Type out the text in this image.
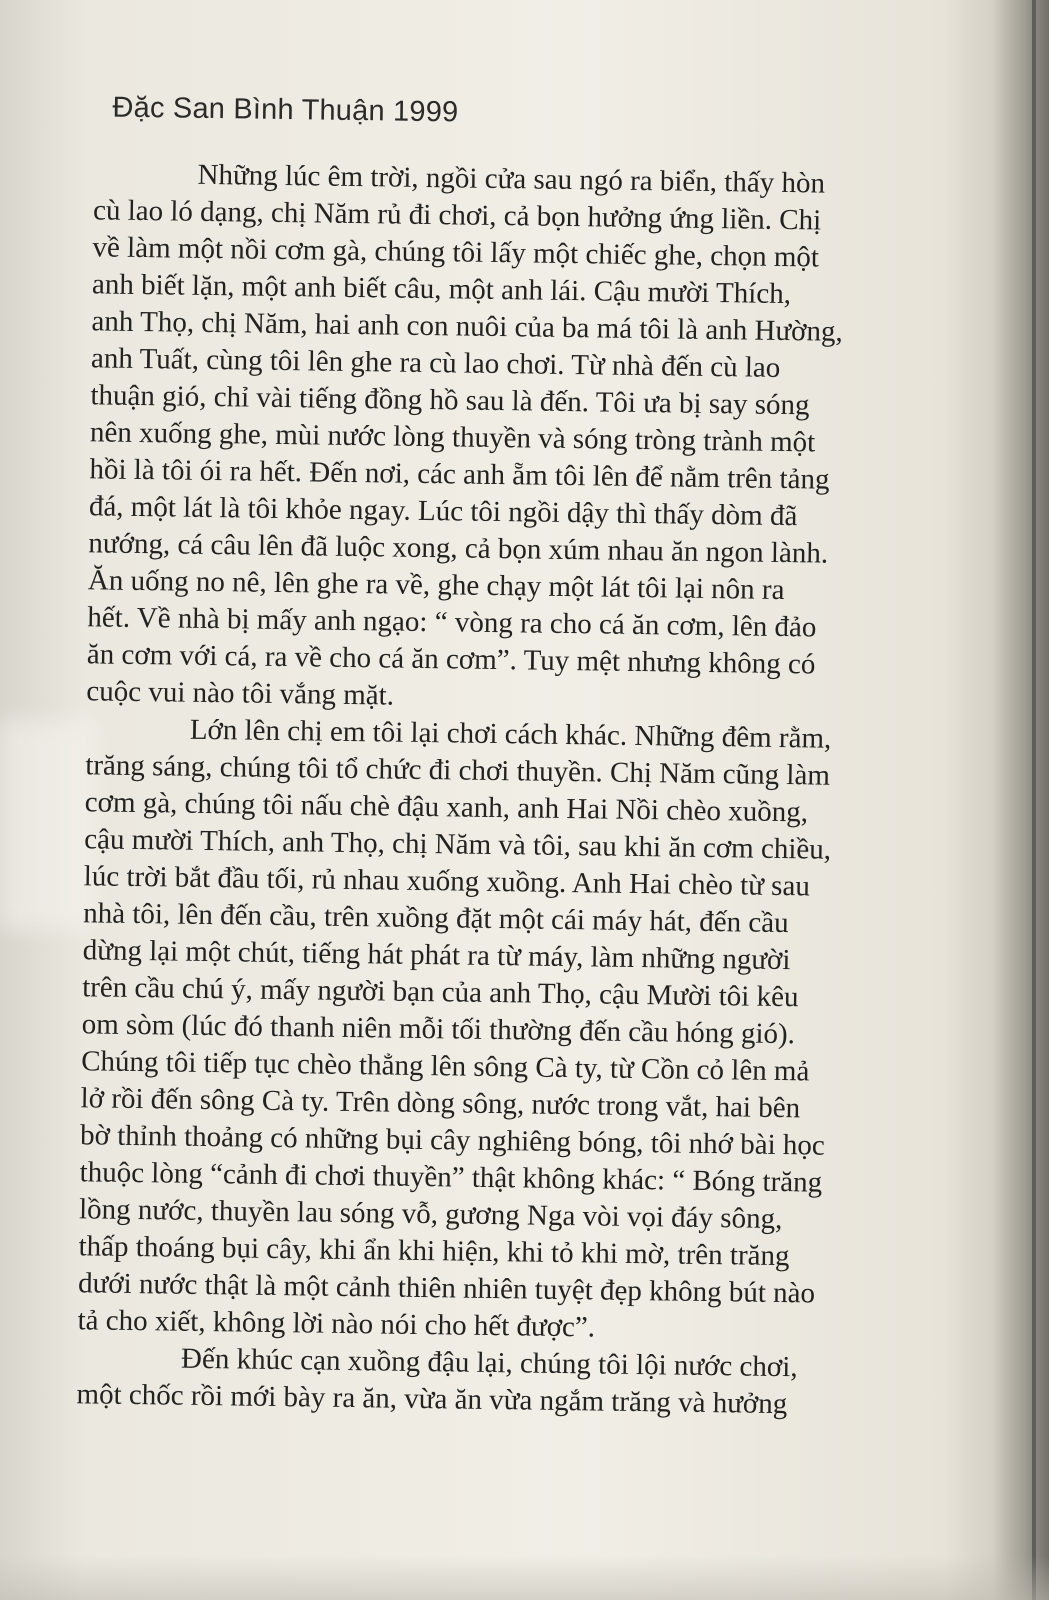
Đặc San Bình Thuận 1999

Những lúc êm trời, ngồi cửa sau ngó ra biển, thấy hòn
cù lao ló dạng, chị Năm rủ đi chơi, cả bọn hưởng ứng liền. Chị
về làm một nồi cơm gà, chúng tôi lấy một chiếc ghe, chọn một
anh biết lặn, một anh biết câu, một anh lái. Cậu mười Thích,
anh Thọ, chị Năm, hai anh con nuôi của ba má tôi là anh Hường,
anh Tuất, cùng tôi lên ghe ra cù lao chơi. Từ nhà đến cù lao
thuận gió, chỉ vài tiếng đồng hồ sau là đến. Tôi ưa bị say sóng
nên xuống ghe, mùi nước lòng thuyền và sóng tròng trành một
hồi là tôi ói ra hết. Đến nơi, các anh ẵm tôi lên để nằm trên tảng
đá, một lát là tôi khỏe ngay. Lúc tôi ngồi dậy thì thấy dòm đã
nướng, cá câu lên đã luộc xong, cả bọn xúm nhau ăn ngon lành.
Ăn uống no nê, lên ghe ra về, ghe chạy một lát tôi lại nôn ra
hết. Về nhà bị mấy anh ngạo: “ vòng ra cho cá ăn cơm, lên đảo
ăn cơm với cá, ra về cho cá ăn cơm”. Tuy mệt nhưng không có
cuộc vui nào tôi vắng mặt.

Lớn lên chị em tôi lại chơi cách khác. Những đêm rằm,
trăng sáng, chúng tôi tổ chức đi chơi thuyền. Chị Năm cũng làm
cơm gà, chúng tôi nấu chè đậu xanh, anh Hai Nồi chèo xuồng,
cậu mười Thích, anh Thọ, chị Năm và tôi, sau khi ăn cơm chiều,
lúc trời bắt đầu tối, rủ nhau xuống xuồng. Anh Hai chèo từ sau
nhà tôi, lên đến cầu, trên xuồng đặt một cái máy hát, đến cầu
dừng lại một chút, tiếng hát phát ra từ máy, làm những người
trên cầu chú ý, mấy người bạn của anh Thọ, cậu Mười tôi kêu
om sòm (lúc đó thanh niên mỗi tối thường đến cầu hóng gió).
Chúng tôi tiếp tục chèo thẳng lên sông Cà ty, từ Cồn cỏ lên mả
lở rồi đến sông Cà ty. Trên dòng sông, nước trong vắt, hai bên
bờ thỉnh thoảng có những bụi cây nghiêng bóng, tôi nhớ bài học
thuộc lòng “cảnh đi chơi thuyền” thật không khác: “ Bóng trăng
lồng nước, thuyền lau sóng vỗ, gương Nga vòi vọi đáy sông,
thấp thoáng bụi cây, khi ẩn khi hiện, khi tỏ khi mờ, trên trăng
dưới nước thật là một cảnh thiên nhiên tuyệt đẹp không bút nào
tả cho xiết, không lời nào nói cho hết được”.

Đến khúc cạn xuồng đậu lại, chúng tôi lội nước chơi,
một chốc rồi mới bày ra ăn, vừa ăn vừa ngắm trăng và hưởng
